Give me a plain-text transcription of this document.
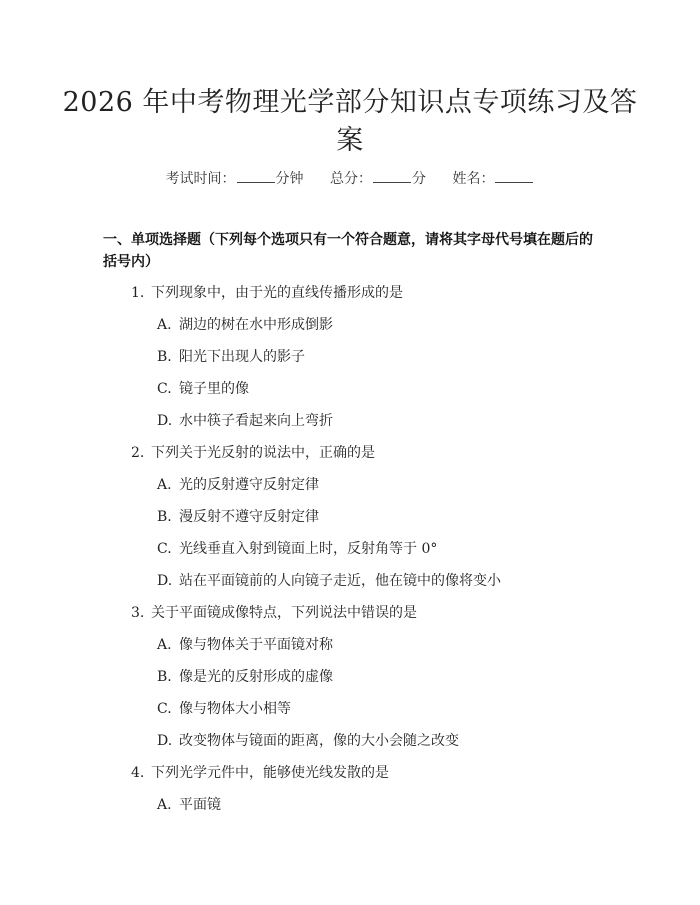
2026 年中考物理光学部分知识点专项练习及答案
考试时间：	分钟 总分：	分 姓名：
一、单项选择题（下列每个选项只有一个符合题意，请将其字母代号填在题后的括号内）
1. 下列现象中，由于光的直线传播形成的是
A. 湖边的树在水中形成倒影
B. 阳光下出现人的影子
C. 镜子里的像
D. 水中筷子看起来向上弯折
2. 下列关于光反射的说法中，正确的是
A. 光的反射遵守反射定律
B. 漫反射不遵守反射定律
C. 光线垂直入射到镜面上时，反射角等于 0°
D. 站在平面镜前的人向镜子走近，他在镜中的像将变小
3. 关于平面镜成像特点，下列说法中错误的是
A. 像与物体关于平面镜对称
B. 像是光的反射形成的虚像
C. 像与物体大小相等
D. 改变物体与镜面的距离，像的大小会随之改变
4. 下列光学元件中，能够使光线发散的是
A. 平面镜
